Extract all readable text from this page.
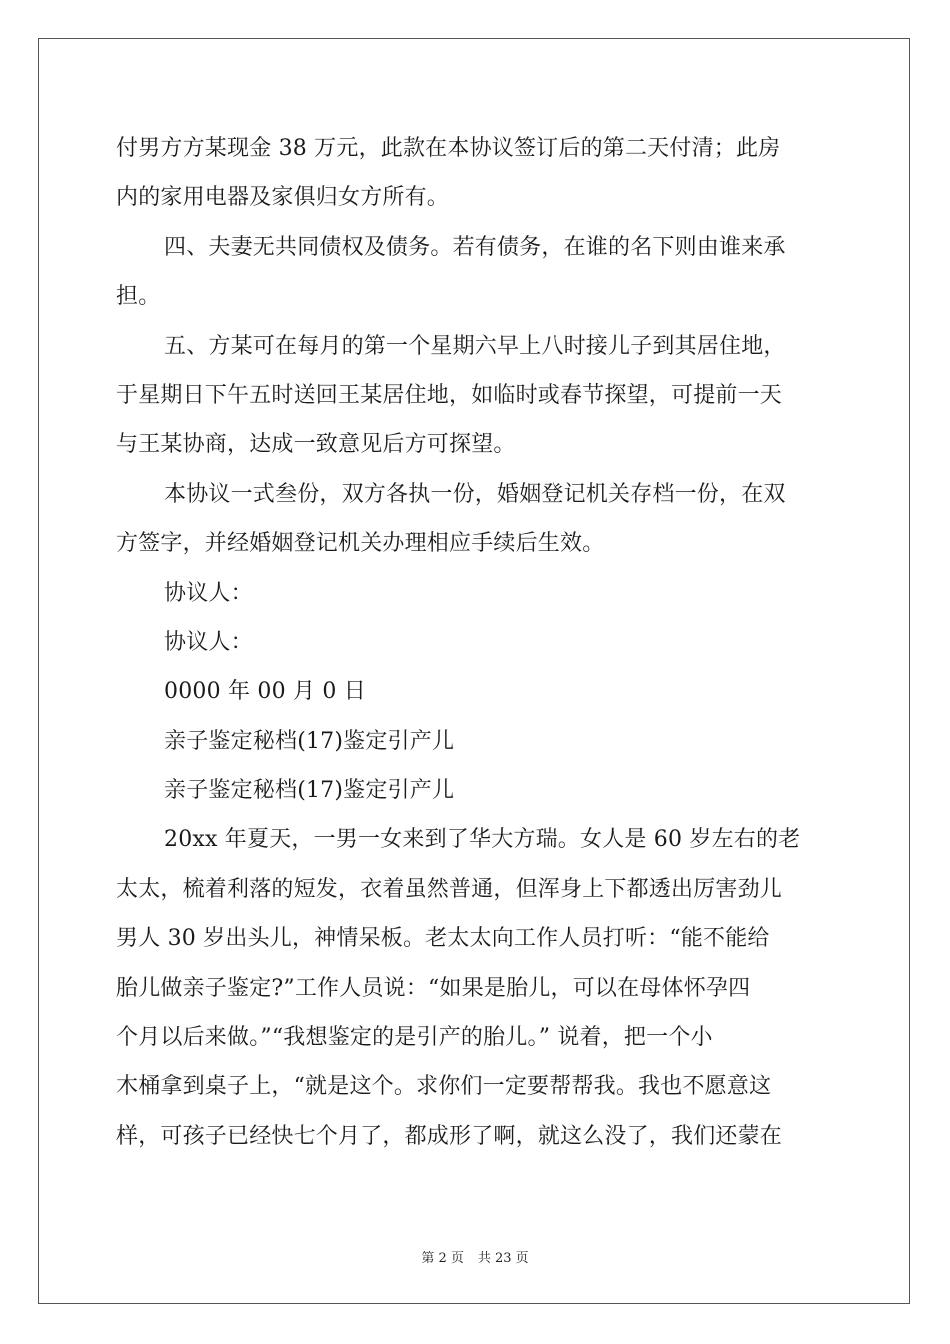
付男方方某现金 38 万元，此款在本协议签订后的第二天付清；此房
内的家用电器及家俱归女方所有。
四、夫妻无共同债权及债务。若有债务，在谁的名下则由谁来承
担。
五、方某可在每月的第一个星期六早上八时接儿子到其居住地，
于星期日下午五时送回王某居住地，如临时或春节探望，可提前一天
与王某协商，达成一致意见后方可探望。
本协议一式叁份，双方各执一份，婚姻登记机关存档一份，在双
方签字，并经婚姻登记机关办理相应手续后生效。
协议人：
协议人：
0000 年 00 月 0 日
亲子鉴定秘档(17)鉴定引产儿
亲子鉴定秘档(17)鉴定引产儿
20xx 年夏天，一男一女来到了华大方瑞。女人是 60 岁左右的老
太太，梳着利落的短发，衣着虽然普通，但浑身上下都透出厉害劲儿
男人 30 岁出头儿，神情呆板。老太太向工作人员打听：“能不能给
胎儿做亲子鉴定?”工作人员说：“如果是胎儿，可以在母体怀孕四
个月以后来做。”“我想鉴定的是引产的胎儿。” 说着，把一个小
木桶拿到桌子上，“就是这个。求你们一定要帮帮我。我也不愿意这
样，可孩子已经快七个月了，都成形了啊，就这么没了，我们还蒙在
第 2 页 共 23 页
